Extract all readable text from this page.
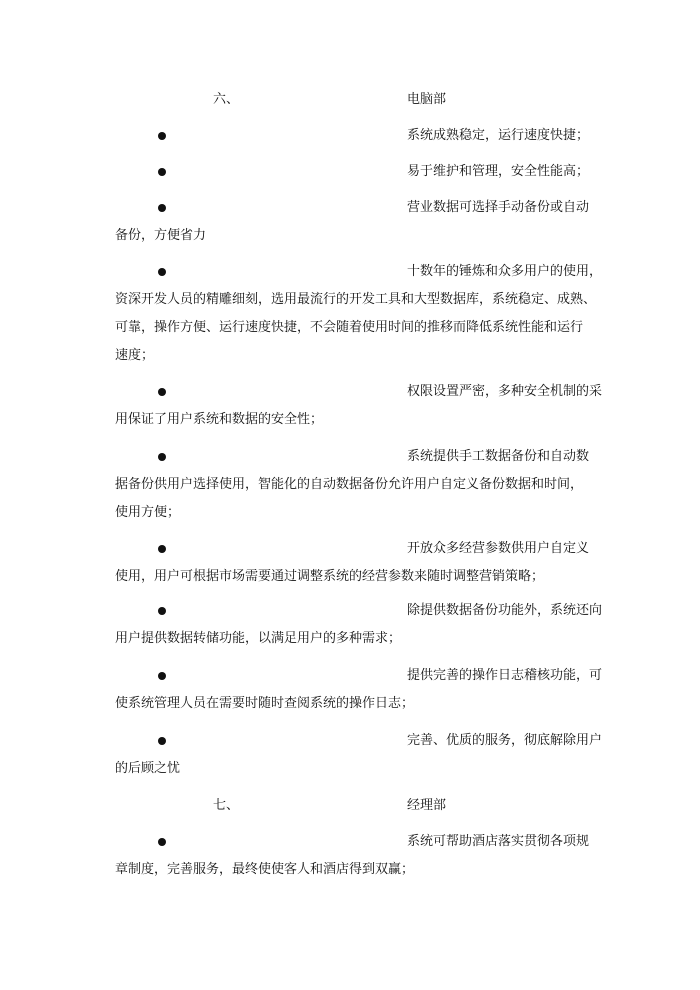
六、	电脑部
系统成熟稳定，运行速度快捷；
易于维护和管理，安全性能高；
营业数据可选择手动备份或自动
备份，方便省力
十数年的锤炼和众多用户的使用，
资深开发人员的精雕细刻，选用最流行的开发工具和大型数据库，系统稳定、成熟、
可靠，操作方便、运行速度快捷，不会随着使用时间的推移而降低系统性能和运行
速度；
权限设置严密，多种安全机制的采
用保证了用户系统和数据的安全性；
系统提供手工数据备份和自动数
据备份供用户选择使用，智能化的自动数据备份允许用户自定义备份数据和时间，
使用方便；
开放众多经营参数供用户自定义
使用，用户可根据市场需要通过调整系统的经营参数来随时调整营销策略；
除提供数据备份功能外，系统还向
用户提供数据转储功能，以满足用户的多种需求；
提供完善的操作日志稽核功能，可
使系统管理人员在需要时随时查阅系统的操作日志；
完善、优质的服务，彻底解除用户
的后顾之忧
七、	经理部
系统可帮助酒店落实贯彻各项规
章制度，完善服务，最终使使客人和酒店得到双赢；
